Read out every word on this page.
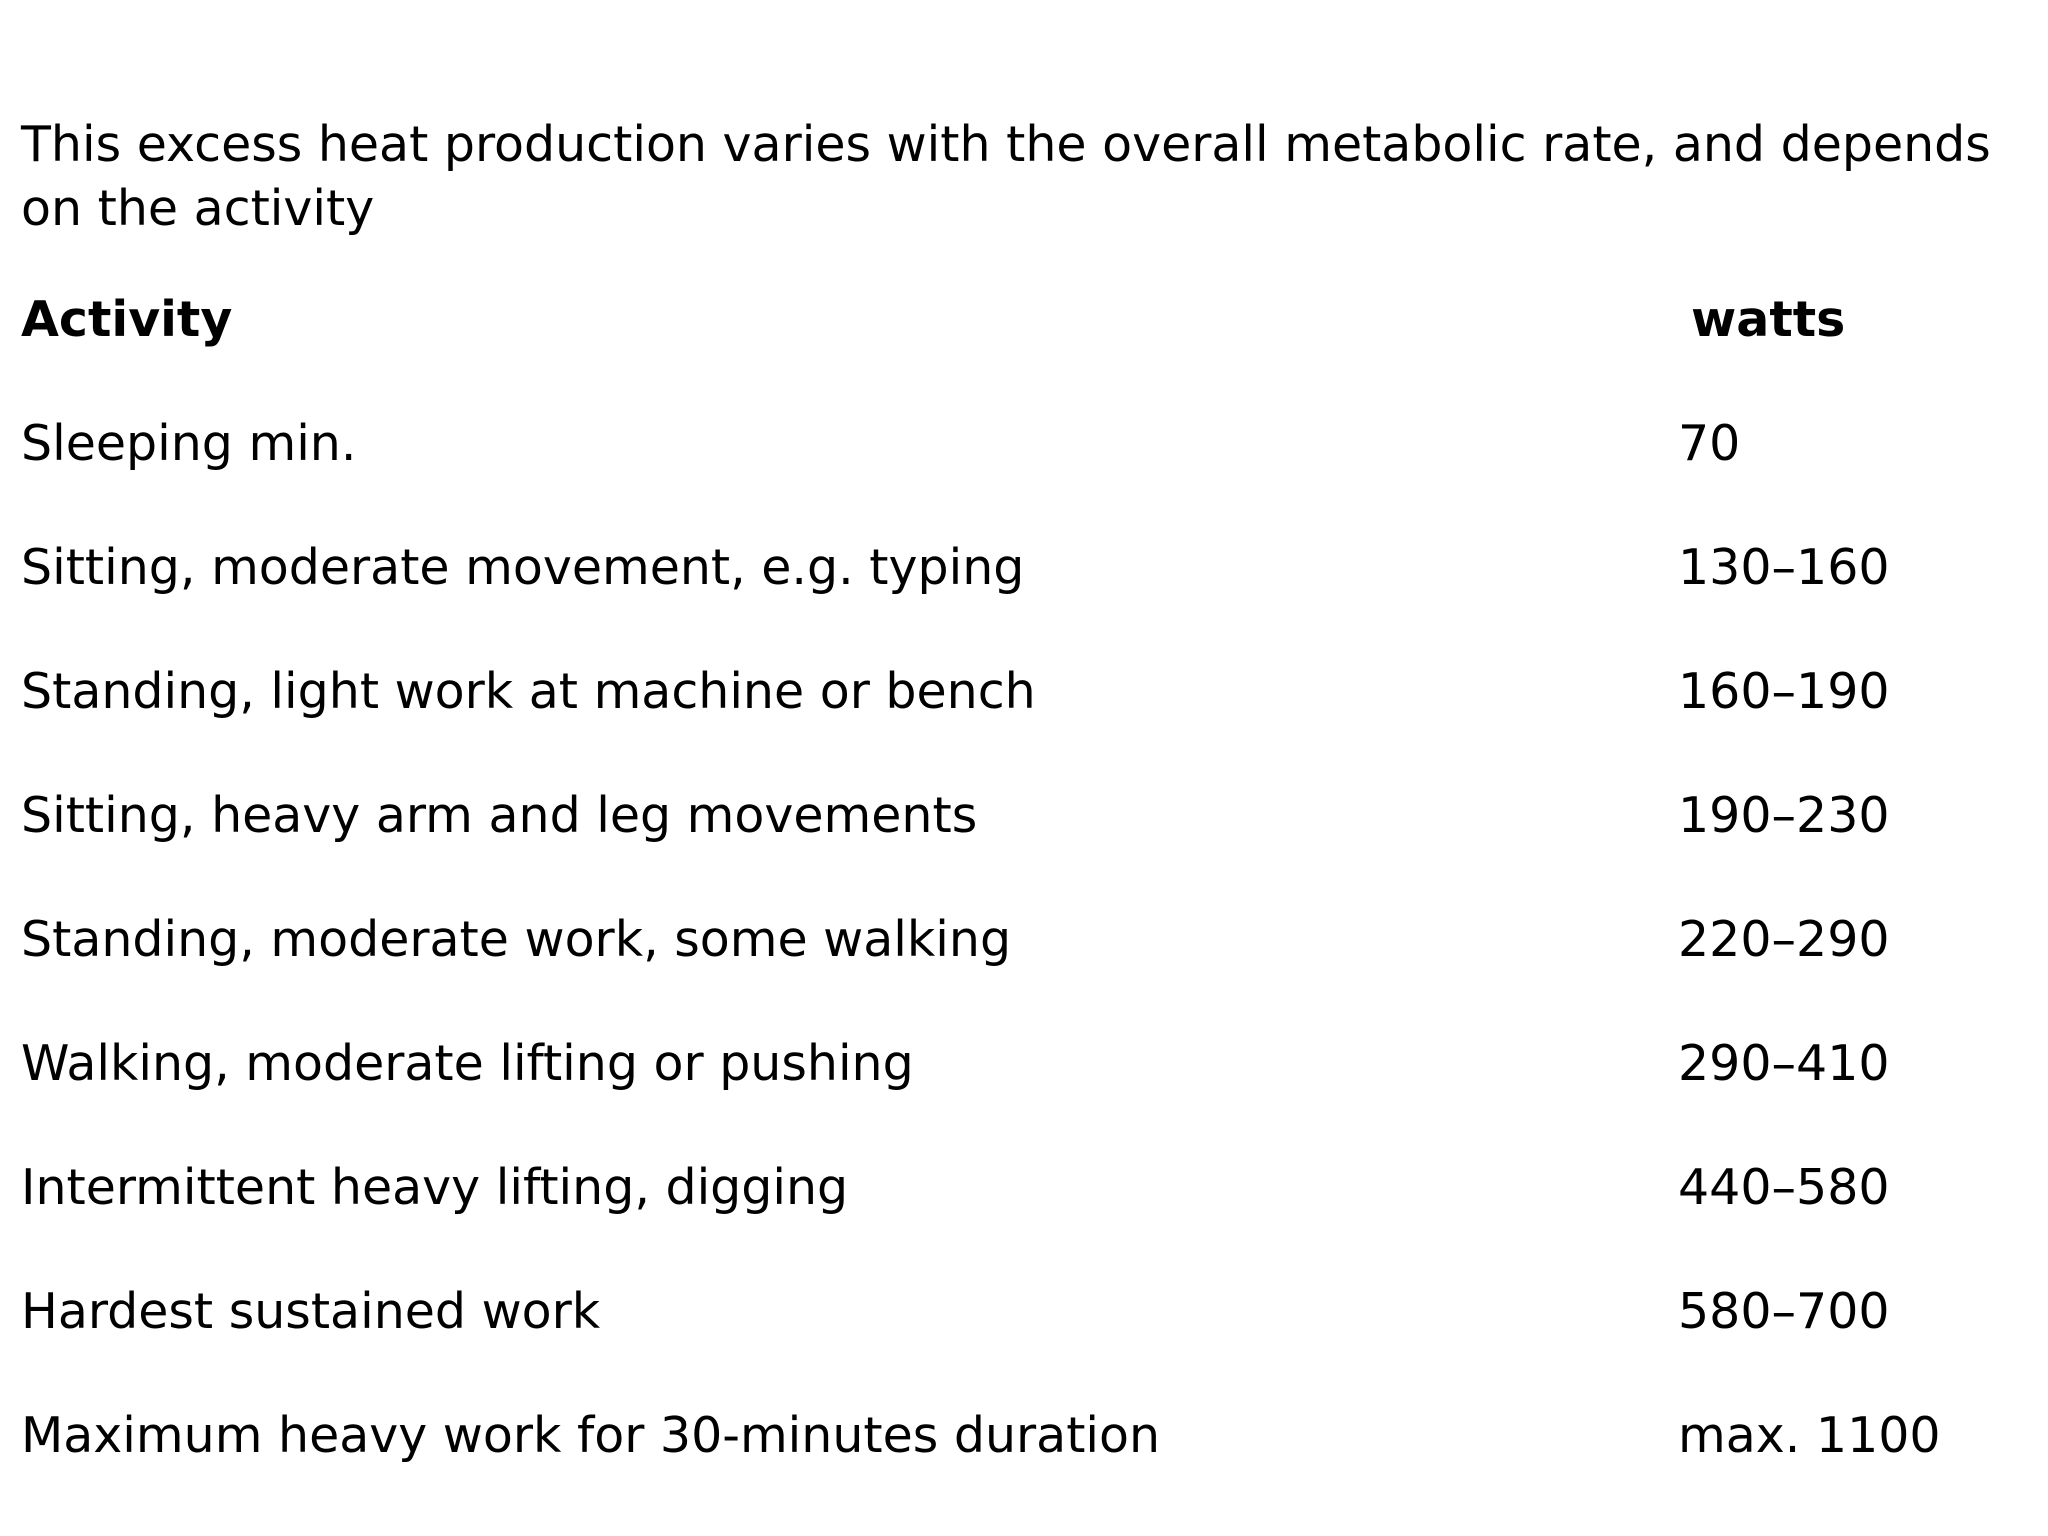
This excess heat production varies with the overall metabolic rate, and depends on the activity

Activity	watts
Sleeping min.	70
Sitting, moderate movement, e.g. typing	130–160
Standing, light work at machine or bench	160–190
Sitting, heavy arm and leg movements	190–230
Standing, moderate work, some walking	220–290
Walking, moderate lifting or pushing	290–410
Intermittent heavy lifting, digging	440–580
Hardest sustained work	580–700
Maximum heavy work for 30-minutes duration	max. 1100
